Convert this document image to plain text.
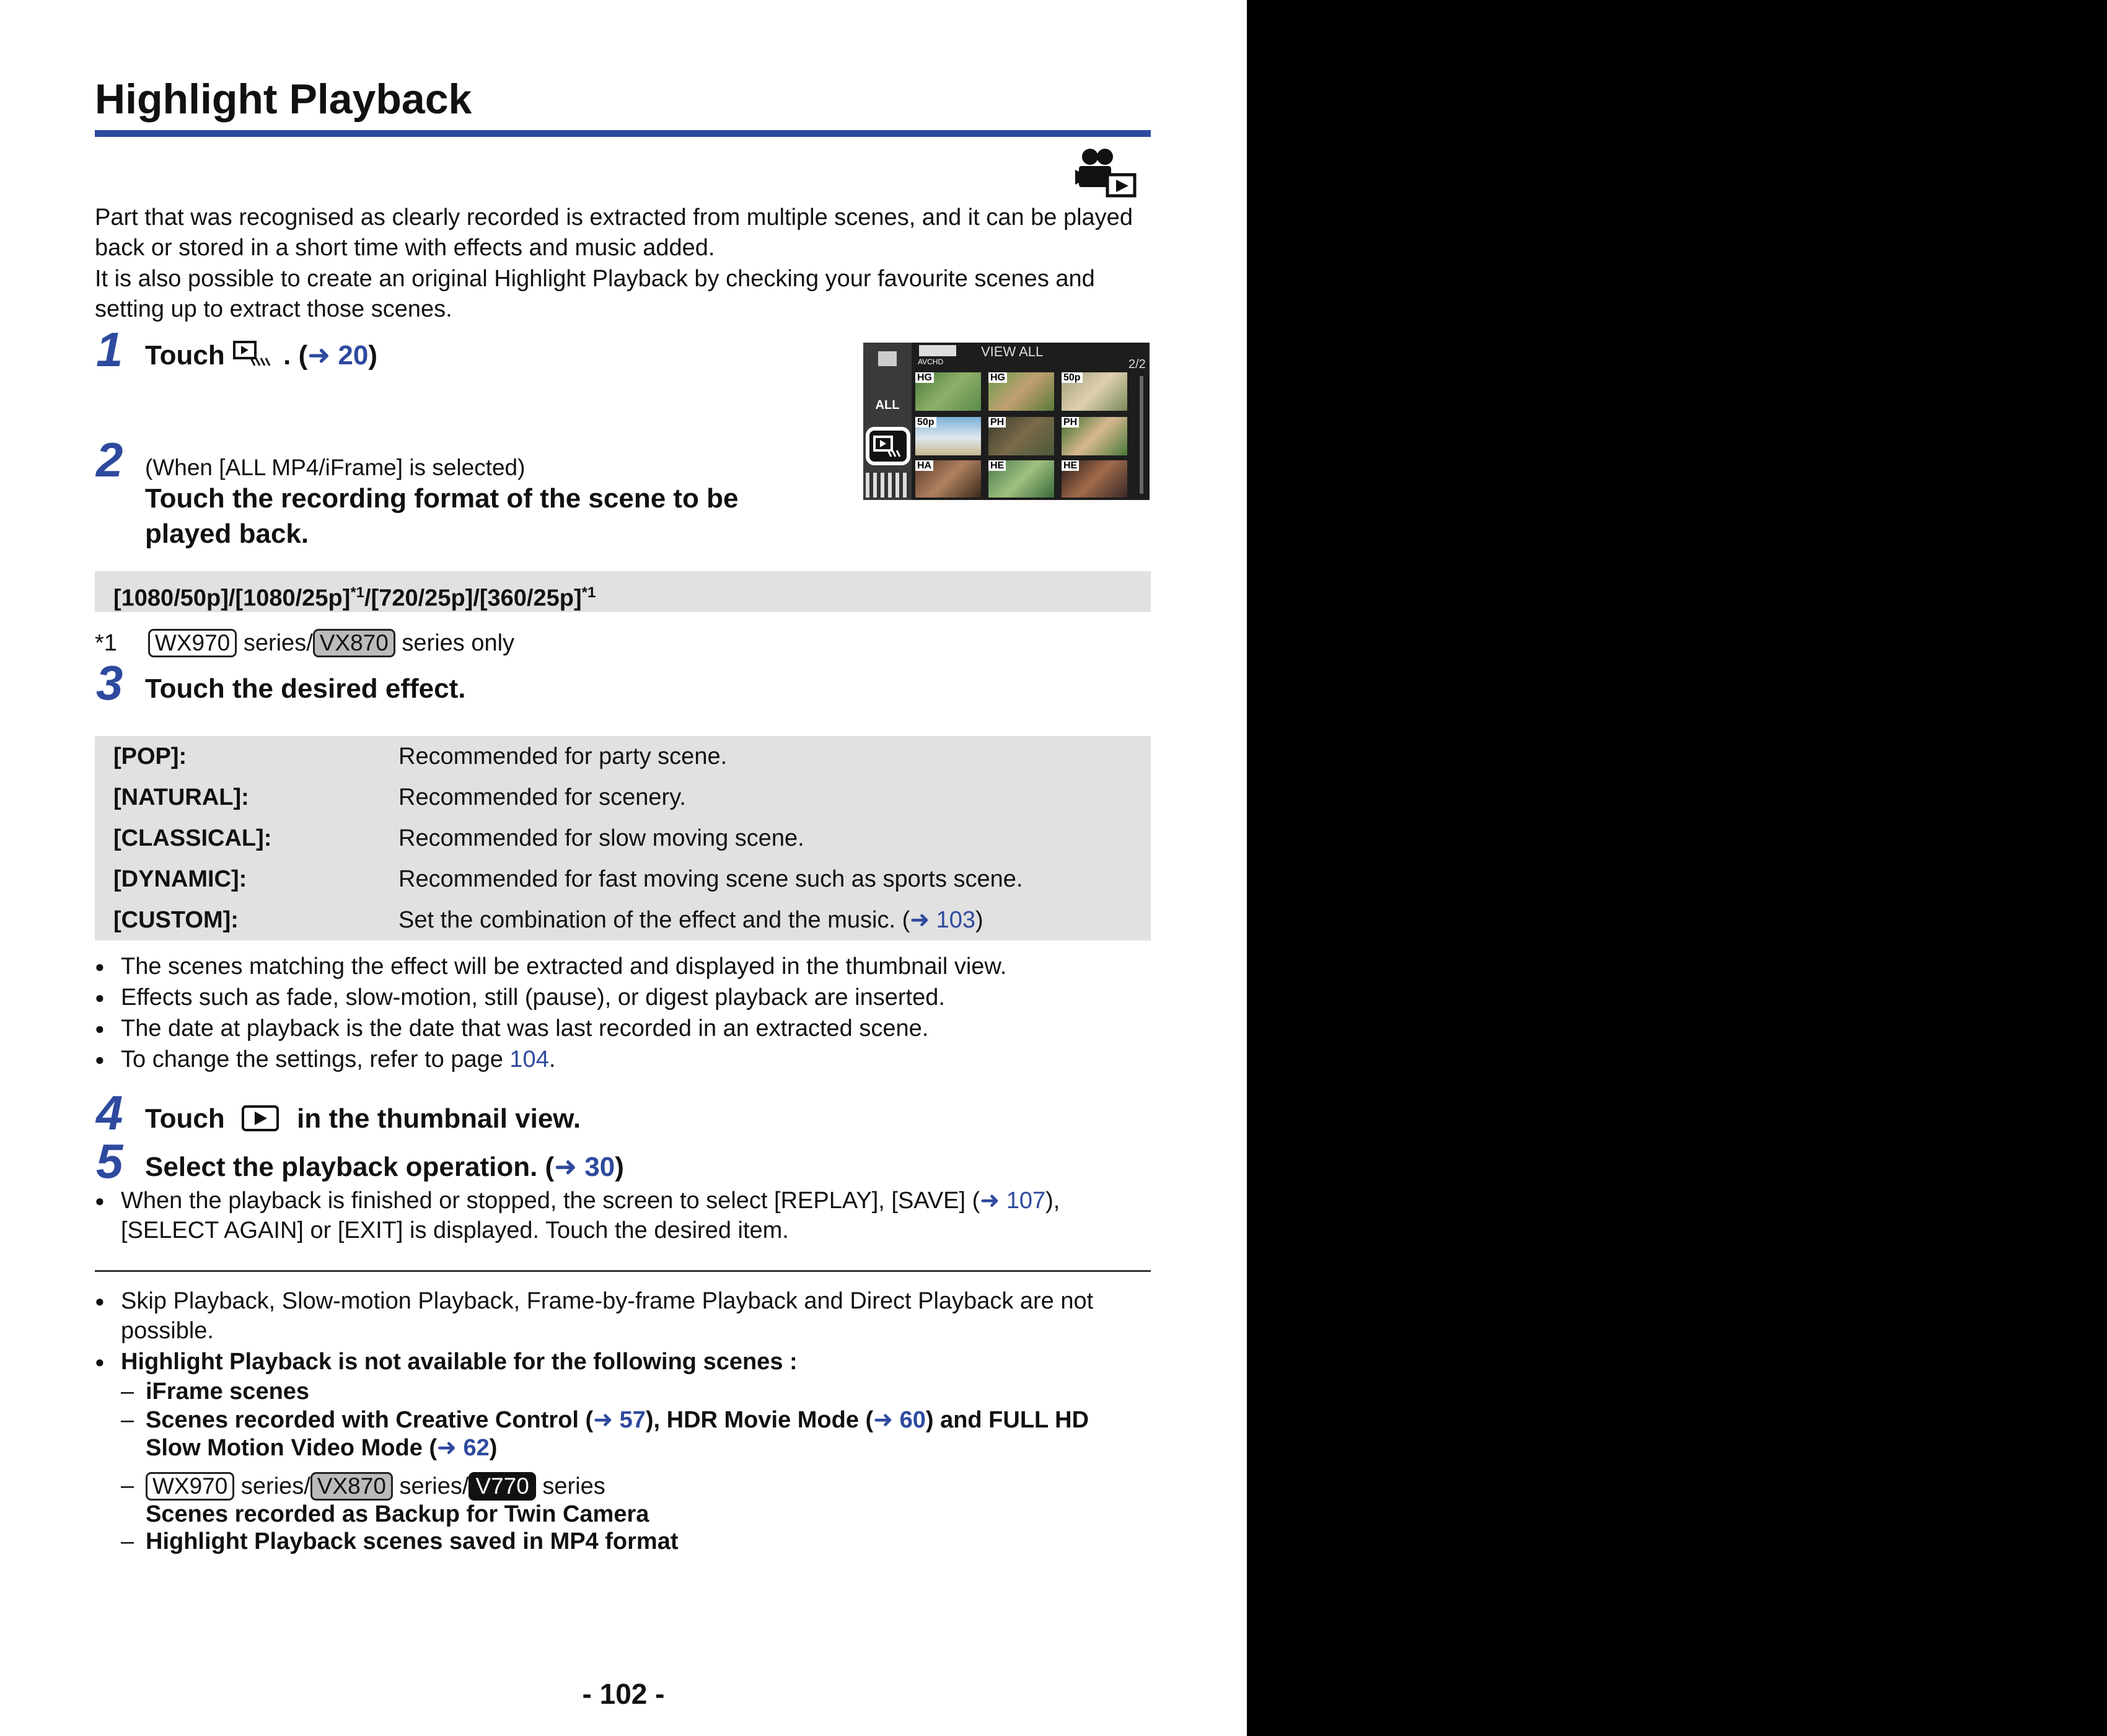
Highlight Playback
Part that was recognised as clearly recorded is extracted from multiple scenes, and it can be played
back or stored in a short time with effects and music added.
It is also possible to create an original Highlight Playback by checking your favourite scenes and
setting up to extract those scenes.
1 Touch  . (➜ 20)
ALL
AVCHD
VIEW ALL
2/2
HG	HG	50p
50p	PH	PH
HA	HE	HE
2 (When [ALL MP4/iFrame] is selected)
Touch the recording format of the scene to be
played back.
$[1080/50p]/[1080/25p]^{*1}/[720/25p]/[360/25p]^{*1}$
*1 WX970 series/ VX870 series only
3 Touch the desired effect.
[POP]:	Recommended for party scene.
[NATURAL]:	Recommended for scenery.
[CLASSICAL]:	Recommended for slow moving scene.
[DYNAMIC]:	Recommended for fast moving scene such as sports scene.
[CUSTOM]:	Set the combination of the effect and the music. (➜ 103)
● The scenes matching the effect will be extracted and displayed in the thumbnail view.
● Effects such as fade, slow-motion, still (pause), or digest playback are inserted.
● The date at playback is the date that was last recorded in an extracted scene.
● To change the settings, refer to page 104.
4 Touch  in the thumbnail view.
5 Select the playback operation. (➜ 30)
● When the playback is finished or stopped, the screen to select [REPLAY], [SAVE] (➜ 107),
[SELECT AGAIN] or [EXIT] is displayed. Touch the desired item.
● Skip Playback, Slow-motion Playback, Frame-by-frame Playback and Direct Playback are not
possible.
● Highlight Playback is not available for the following scenes :
– iFrame scenes
– Scenes recorded with Creative Control (➜ 57), HDR Movie Mode (➜ 60) and FULL HD
Slow Motion Video Mode (➜ 62)
– WX970 series/ VX870 series/ V770 series
Scenes recorded as Backup for Twin Camera
– Highlight Playback scenes saved in MP4 format
- 102 -
